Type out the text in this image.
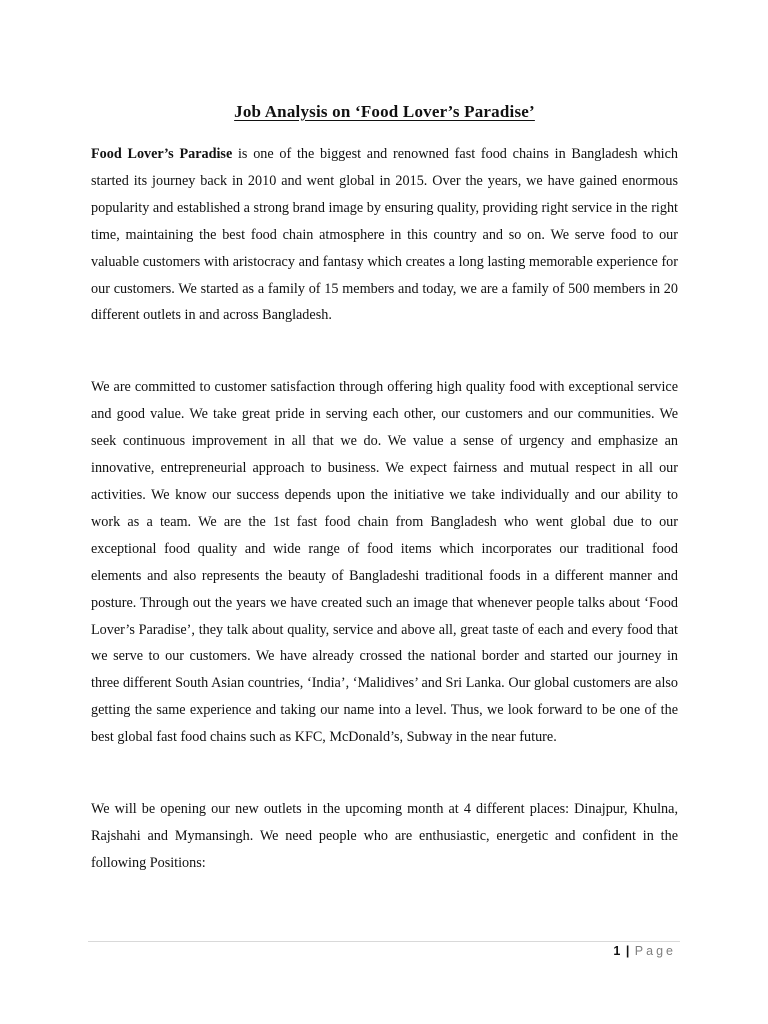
Job Analysis on ‘Food Lover’s Paradise’

Food Lover’s Paradise is one of the biggest and renowned fast food chains in Bangladesh which started its journey back in 2010 and went global in 2015. Over the years, we have gained enormous popularity and established a strong brand image by ensuring quality, providing right service in the right time, maintaining the best food chain atmosphere in this country and so on. We serve food to our valuable customers with aristocracy and fantasy which creates a long lasting memorable experience for our customers. We started as a family of 15 members and today, we are a family of 500 members in 20 different outlets in and across Bangladesh.

We are committed to customer satisfaction through offering high quality food with exceptional service and good value. We take great pride in serving each other, our customers and our communities. We seek continuous improvement in all that we do. We value a sense of urgency and emphasize an innovative, entrepreneurial approach to business. We expect fairness and mutual respect in all our activities. We know our success depends upon the initiative we take individually and our ability to work as a team. We are the 1st fast food chain from Bangladesh who went global due to our exceptional food quality and wide range of food items which incorporates our traditional food elements and also represents the beauty of Bangladeshi traditional foods in a different manner and posture. Through out the years we have created such an image that whenever people talks about ‘Food Lover’s Paradise’, they talk about quality, service and above all, great taste of each and every food that we serve to our customers. We have already crossed the national border and started our journey in three different South Asian countries, ‘India’, ‘Malidives’ and Sri Lanka. Our global customers are also getting the same experience and taking our name into a level. Thus, we look forward to be one of the best global fast food chains such as KFC, McDonald’s, Subway in the near future.

We will be opening our new outlets in the upcoming month at 4 different places: Dinajpur, Khulna, Rajshahi and Mymansingh. We need people who are enthusiastic, energetic and confident in the following Positions:

1 | Page
